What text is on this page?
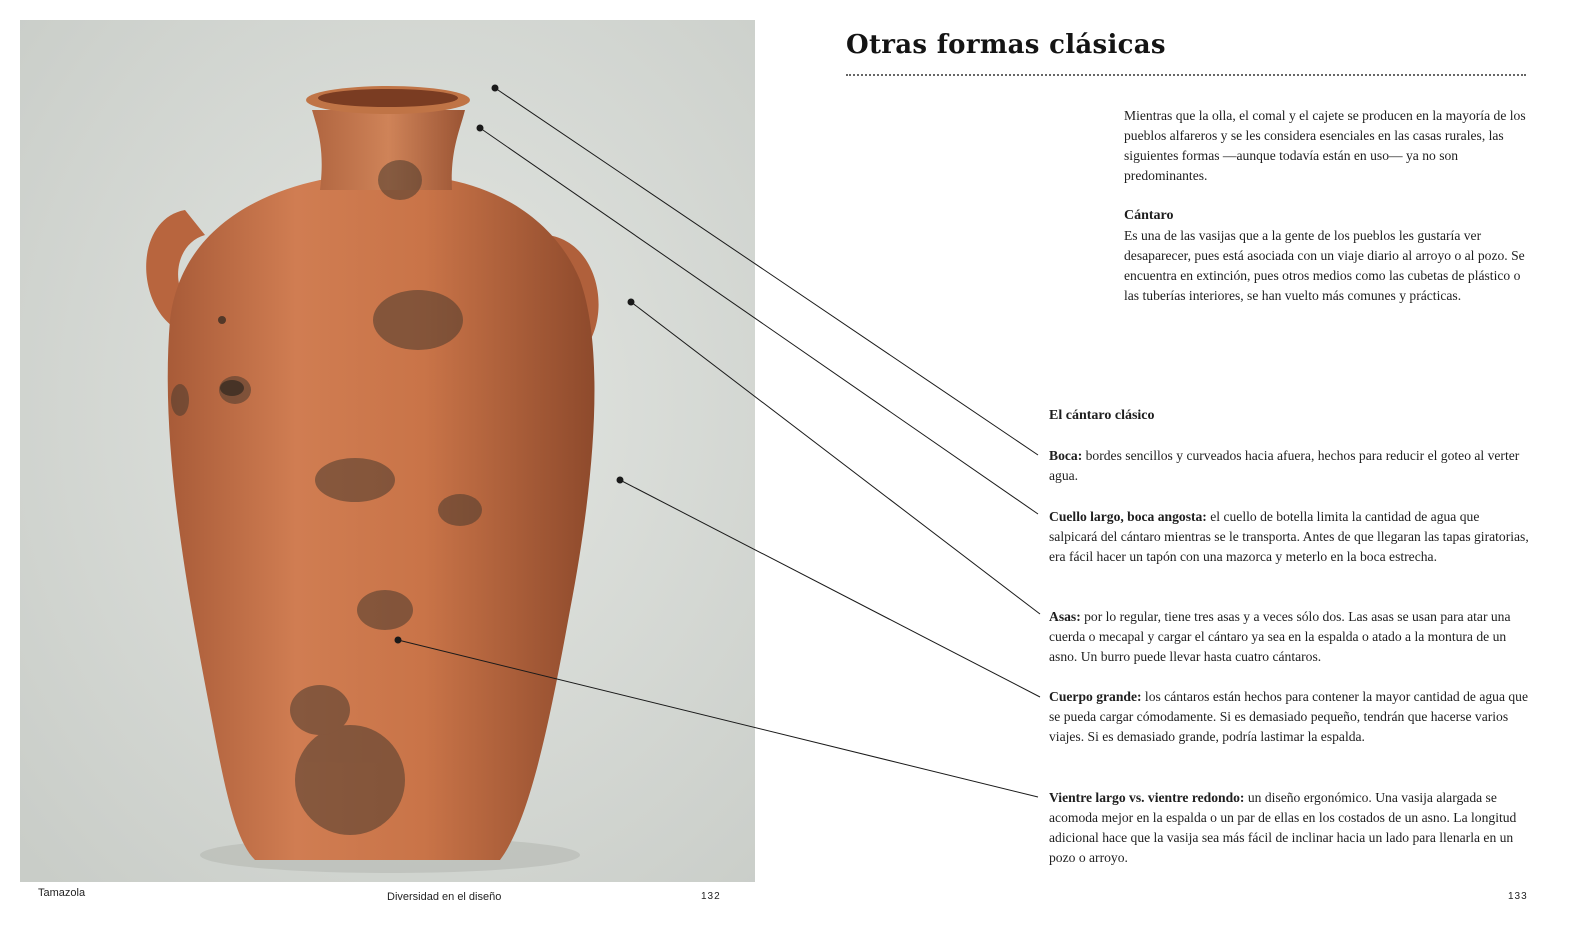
Tamazola	Diversidad en el diseño	132	133
Otras formas clásicas

Mientras que la olla, el comal y el cajete se producen en la mayoría de los pueblos alfareros y se les considera esenciales en las casas rurales, las siguientes formas —aunque todavía están en uso— ya no son predominantes.

Cántaro

Es una de las vasijas que a la gente de los pueblos les gustaría ver desaparecer, pues está asociada con un viaje diario al arroyo o al pozo. Se encuentra en extinción, pues otros medios como las cubetas de plástico o las tuberías interiores, se han vuelto más comunes y prácticas.

El cántaro clásico

Boca: bordes sencillos y curveados hacia afuera, hechos para reducir el goteo al verter agua.

Cuello largo, boca angosta: el cuello de botella limita la cantidad de agua que salpicará del cántaro mientras se le transporta. Antes de que llegaran las tapas giratorias, era fácil hacer un tapón con una mazorca y meterlo en la boca estrecha.

Asas: por lo regular, tiene tres asas y a veces sólo dos. Las asas se usan para atar una cuerda o mecapal y cargar el cántaro ya sea en la espalda o atado a la montura de un asno. Un burro puede llevar hasta cuatro cántaros.

Cuerpo grande: los cántaros están hechos para contener la mayor cantidad de agua que se pueda cargar cómodamente. Si es demasiado pequeño, tendrán que hacerse varios viajes. Si es demasiado grande, podría lastimar la espalda.

Vientre largo vs. vientre redondo: un diseño ergonómico. Una vasija alargada se acomoda mejor en la espalda o un par de ellas en los costados de un asno. La longitud adicional hace que la vasija sea más fácil de inclinar hacia un lado para llenarla en un pozo o arroyo.
